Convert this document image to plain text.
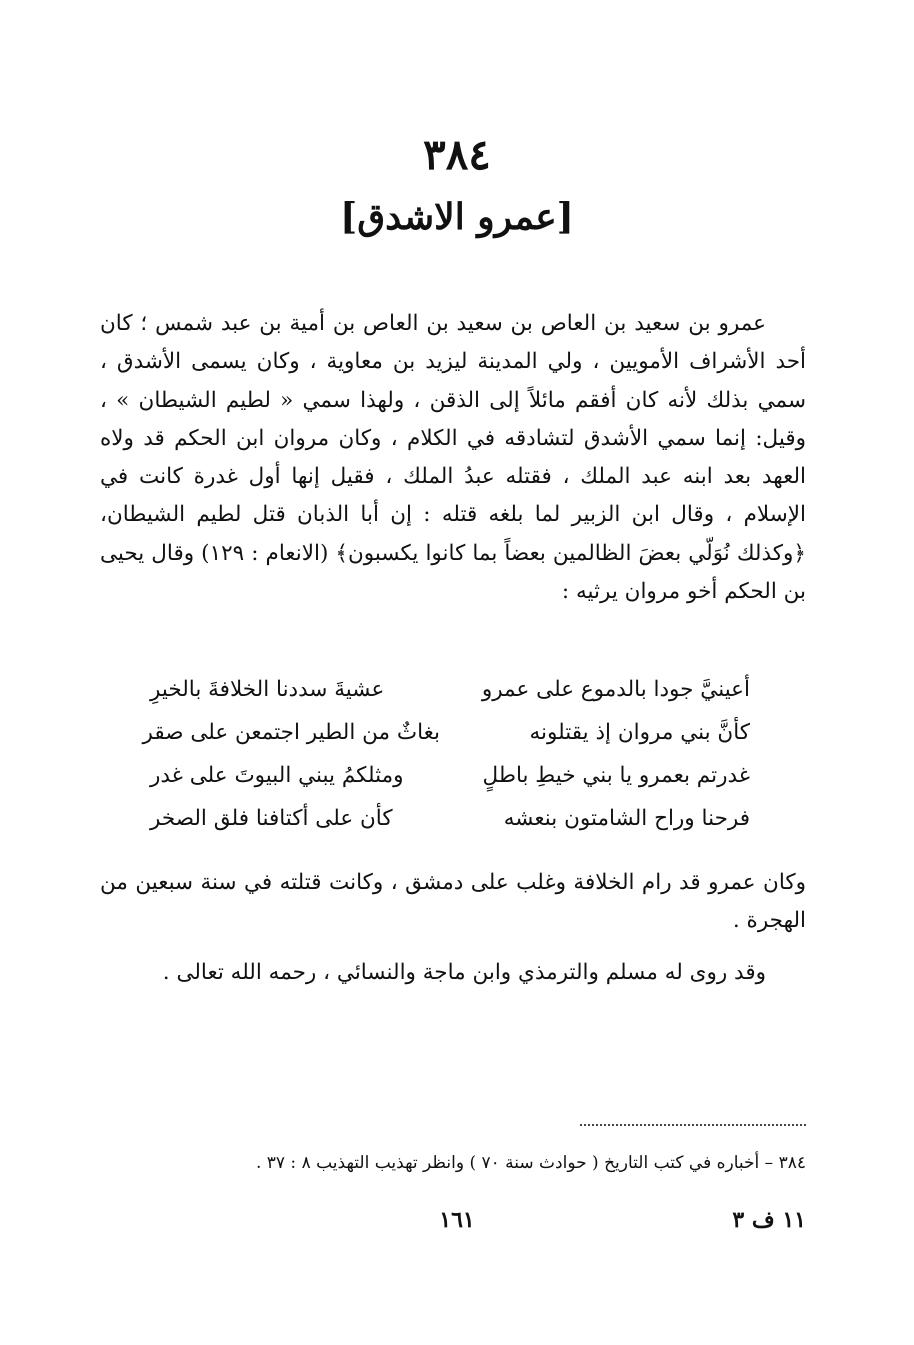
٣٨٤
[عمرو الاشدق]

عمرو بن سعيد بن العاص بن سعيد بن العاص بن أمية بن عبد شمس ؛ كان أحد الأشراف الأمويين ، ولي المدينة ليزيد بن معاوية ، وكان يسمى الأشدق ، سمي بذلك لأنه كان أفقم مائلاً إلى الذقن ، ولهذا سمي « لطيم الشيطان » ، وقيل: إنما سمي الأشدق لتشادقه في الكلام ، وكان مروان ابن الحكم قد ولاه العهد بعد ابنه عبد الملك ، فقتله عبدُ الملك ، فقيل إنها أول غدرة كانت في الإسلام ، وقال ابن الزبير لما بلغه قتله : إن أبا الذبان قتل لطيم الشيطان، ﴿وكذلك نُوَلّي بعضَ الظالمين بعضاً بما كانوا يكسبون﴾ (الانعام : ١٢٩) وقال يحيى بن الحكم أخو مروان يرثيه :

أعينيَّ جودا بالدموع على عمرو
عشيةَ سددنا الخلافةَ بالخيرِ
كأنَّ بني مروان إذ يقتلونه
بغاثٌ من الطير اجتمعن على صقر
غدرتم بعمرو يا بني خيطِ باطلٍ
ومثلكمُ يبني البيوتَ على غدر
فرحنا وراح الشامتون بنعشه
كأن على أكتافنا فلق الصخر

وكان عمرو قد رام الخلافة وغلب على دمشق ، وكانت قتلته في سنة سبعين من الهجرة .

وقد روى له مسلم والترمذي وابن ماجة والنسائي ، رحمه الله تعالى .

٣٨٤ – أخباره في كتب التاريخ ( حوادث سنة ٧٠ ) وانظر تهذيب التهذيب ٨ : ٣٧ .
١٦١	١١ ف ٣
